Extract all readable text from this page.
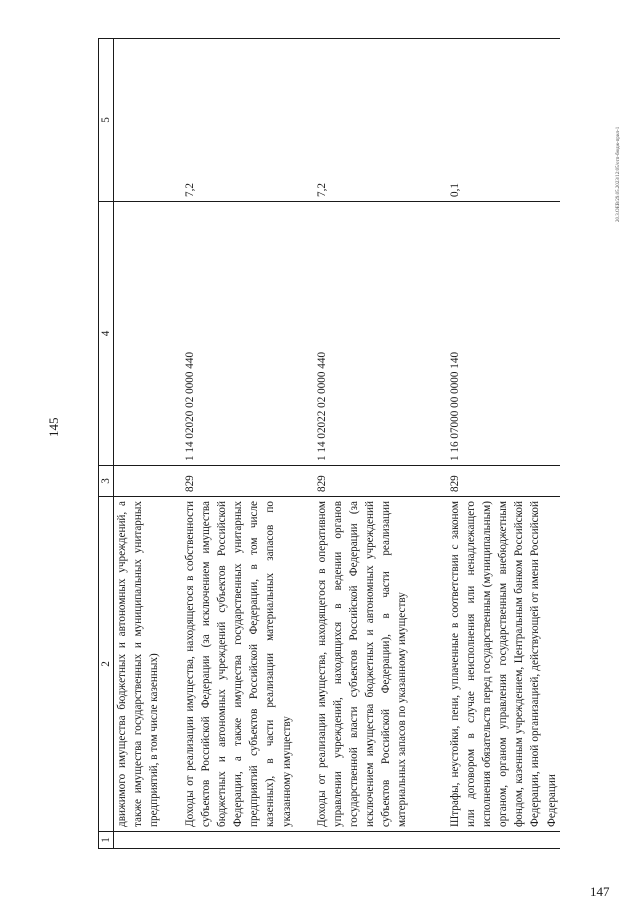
145
20.3.ОЕВ/29.05.2023/12:05/отп-бюдж-прил-1
1	2	3	4	5
	движимого имущества бюджетных и автономных учреждений, а также имущества государственных и муниципальных унитарных предприятий, в том числе казенных)			
	Доходы от реализации имущества, находящегося в собственности субъектов Российской Федерации (за исключением имущества бюджетных и автономных учреждений субъектов Российской Федерации, а также имущества государственных унитарных предприятий субъектов Российской Федерации, в том числе казенных), в части реализации материальных запасов по указанному имуществу	829	1 14 02020 02 0000 440	7,2
	Доходы от реализации имущества, находящегося в оперативном управлении учреждений, находящихся в ведении органов государственной власти субъектов Российской Федерации (за исключением имущества бюджетных и автономных учреждений субъектов Российской Федерации), в части реализации материальных запасов по указанному имуществу	829	1 14 02022 02 0000 440	7,2
	Штрафы, неустойки, пени, уплаченные в соответствии с законом или договором в случае неисполнения или ненадлежащего исполнения обязательств перед государственным (муниципальным) органом, органом управления государственным внебюджетным фондом, казенным учреждением, Центральным банком Российской Федерации, иной организацией, действующей от имени Российской Федерации	829	1 16 07000 00 0000 140	0,1
147
